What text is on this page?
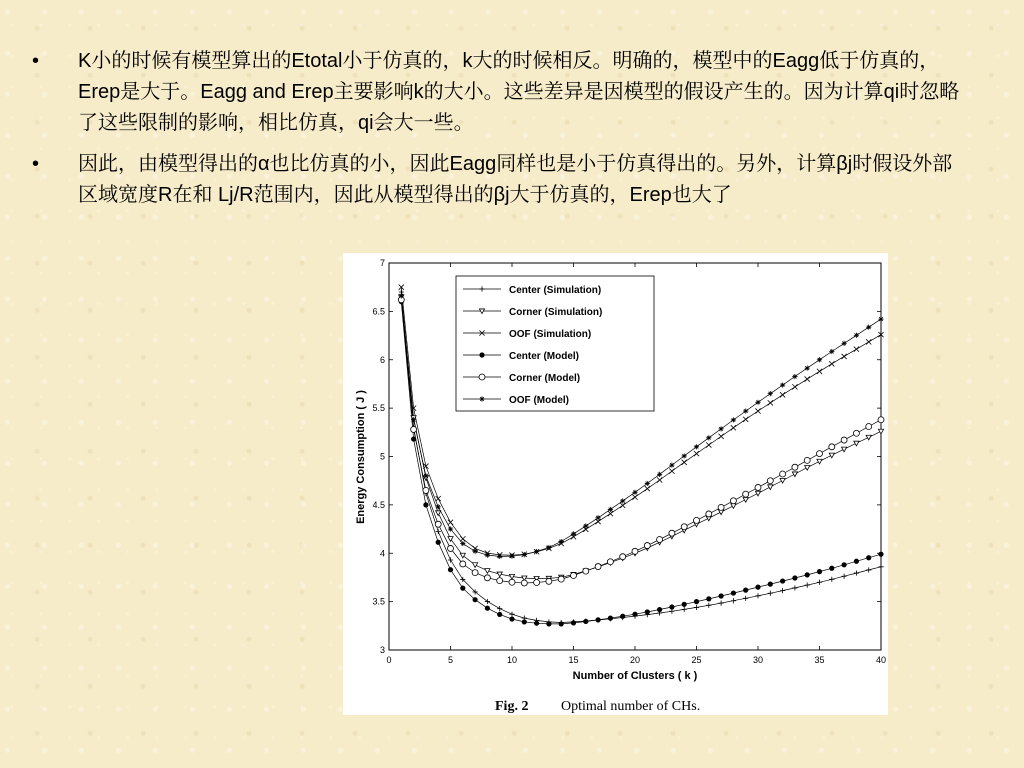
• K小的时候有模型算出的Etotal小于仿真的，k大的时候相反。明确的，模型中的Eagg低于仿真的，Erep是大于。Eagg and Erep主要影响k的大小。这些差异是因模型的假设产生的。因为计算qi时忽略了这些限制的影响，相比仿真，qi会大一些。
• 因此，由模型得出的α也比仿真的小，因此Eagg同样也是小于仿真得出的。另外，计算βj时假设外部区域宽度R在和 Lj/R范围内，因此从模型得出的βj大于仿真的，Erep也大了
0	5	10	15	20	25	30	35	40
3
3.5
4
4.5
5
5.5
6
6.5
7
Number of Clusters ( k )
Energy Consumption ( J )
Center (Simulation)
Corner (Simulation)
OOF (Simulation)
Center (Model)
Corner (Model)
OOF (Model)
Fig. 2 Optimal number of CHs.
